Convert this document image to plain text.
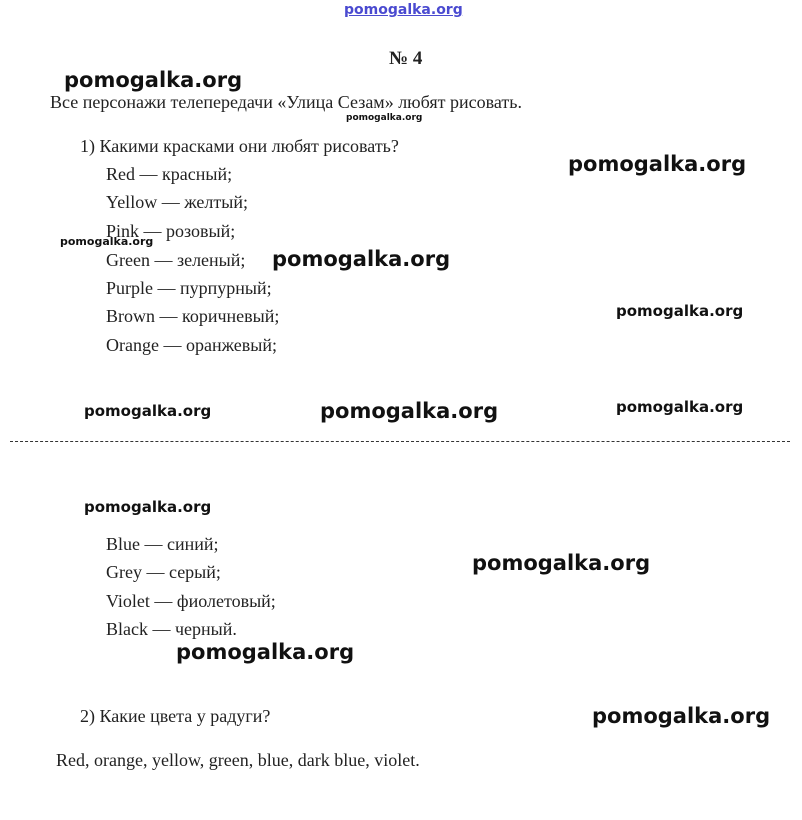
pomogalka.org
№ 4
Все персонажи телепередачи «Улица Сезам» любят рисовать.
1) Какими красками они любят рисовать?
Red — красный;
Yellow — желтый;
Pink — розовый;
Green — зеленый;
Purple — пурпурный;
Brown — коричневый;
Orange — оранжевый;
Blue — синий;
Grey — серый;
Violet — фиолетовый;
Black — черный.
2) Какие цвета у радуги?
Red, orange, yellow, green, blue, dark blue, violet.
pomogalka.org
pomogalka.org
pomogalka.org
pomogalka.org
pomogalka.org
pomogalka.org
pomogalka.org	pomogalka.org	pomogalka.org
pomogalka.org
pomogalka.org
pomogalka.org
pomogalka.org
